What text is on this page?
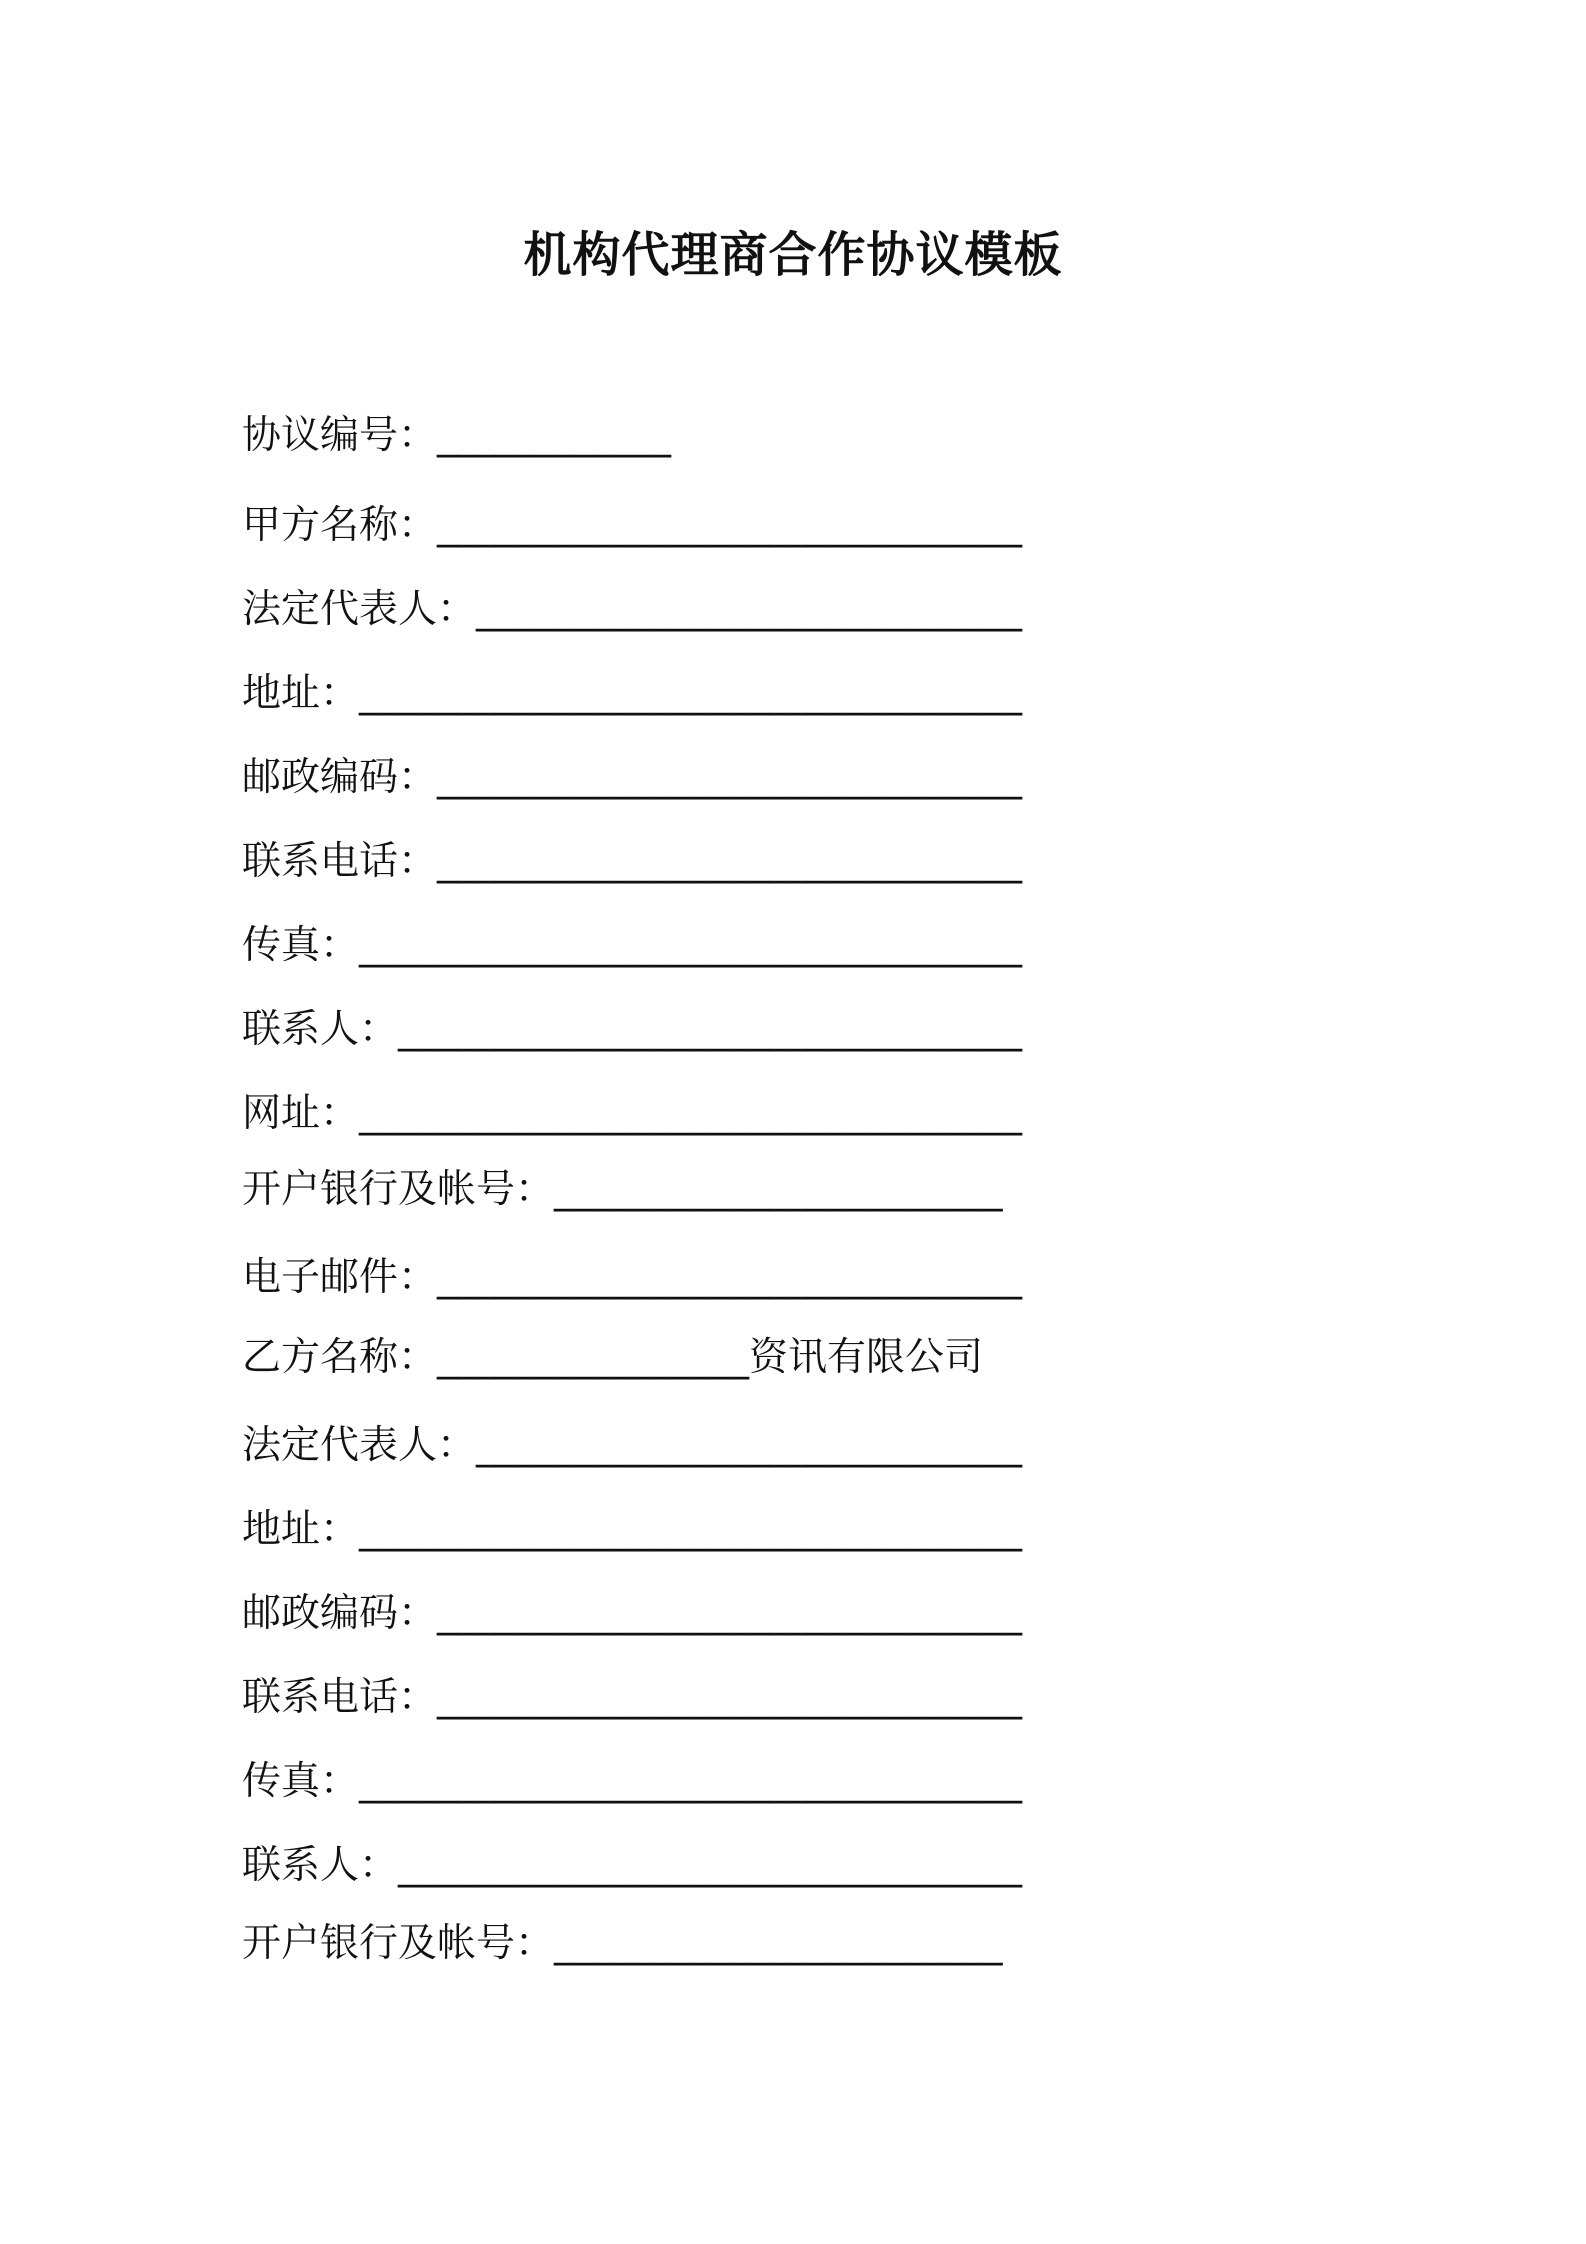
机构代理商合作协议模板
协议编号：____________
甲方名称：______________________________
法定代表人：____________________________
地址：__________________________________
邮政编码：______________________________
联系电话：______________________________
传真：__________________________________
联系人：________________________________
网址：__________________________________
开户银行及帐号：_______________________
电子邮件：______________________________
乙方名称：________________资讯有限公司
法定代表人：____________________________
地址：__________________________________
邮政编码：______________________________
联系电话：______________________________
传真：__________________________________
联系人：________________________________
开户银行及帐号：_______________________
